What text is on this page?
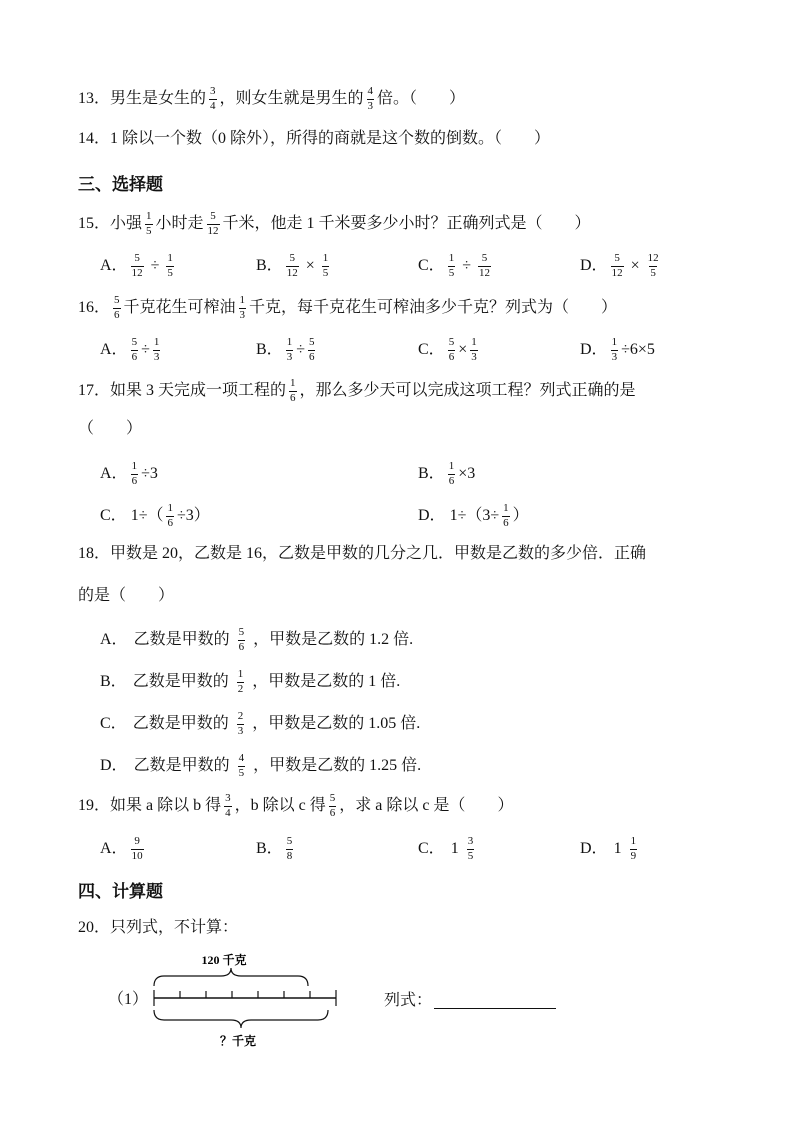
13 ．男生是女生的 $\frac{3}{4}$ ，则女生就是男生的 $\frac{4}{3}$ 倍。（ ）
14．1 除以一个数（0 除外），所得的商就是这个数的倒数。（ ）
三、选择题
15．小强 $\frac{1}{5}$ 小时走 $\frac{5}{12}$ 千米，他走 1 千米要多少小时？正确列式是（ ）
A． $\frac{5}{12} \div \frac{1}{5}$	B． $\frac{5}{12} \times \frac{1}{5}$	C． $\frac{1}{5} \div \frac{5}{12}$	D． $\frac{5}{12} \times \frac{12}{5}$
16． $\frac{5}{6}$ 千克花生可榨油 $\frac{1}{3}$ 千克，每千克花生可榨油多少千克？列式为（ ）
A． $\frac{5}{6} \div \frac{1}{3}$	B． $\frac{1}{3} \div \frac{5}{6}$	C． $\frac{5}{6} \times \frac{1}{3}$	D． $\frac{1}{3} \div 6\times 5$
17．如果 3 天完成一项工程的 $\frac{1}{6}$ ，那么多少天可以完成这项工程？列式正确的是
（ ）
A． $\frac{1}{6} \div 3$	B． $\frac{1}{6} \times 3$
C． $1\div( \frac{1}{6} \div 3)$	D． $1\div(3\div \frac{1}{6}$ ）
18．甲数是 20，乙数是 16，乙数是甲数的几分之几．甲数是乙数的多少倍．正确
的是（ ）
A． 乙数是甲数的 $\frac{5}{6}$ ，甲数是乙数的 1.2 倍.
B． 乙数是甲数的 $\frac{1}{2}$ ，甲数是乙数的 1 倍.
C． 乙数是甲数的 $\frac{2}{3}$ ，甲数是乙数的 1.05 倍.
D． 乙数是甲数的 $\frac{4}{5}$ ，甲数是乙数的 1.25 倍.
19．如果 a 除以 b 得 $\frac{3}{4}$ ，b 除以 c 得 $\frac{5}{6}$ ，求 a 除以 c 是（ ）
A． $\frac{9}{10}$	B． $\frac{5}{8}$	C． $1 \frac{3}{5}$	D． $1 \frac{1}{9}$
四、计算题
20．只列式，不计算：
（1）
120 千克
？千克
列式：
